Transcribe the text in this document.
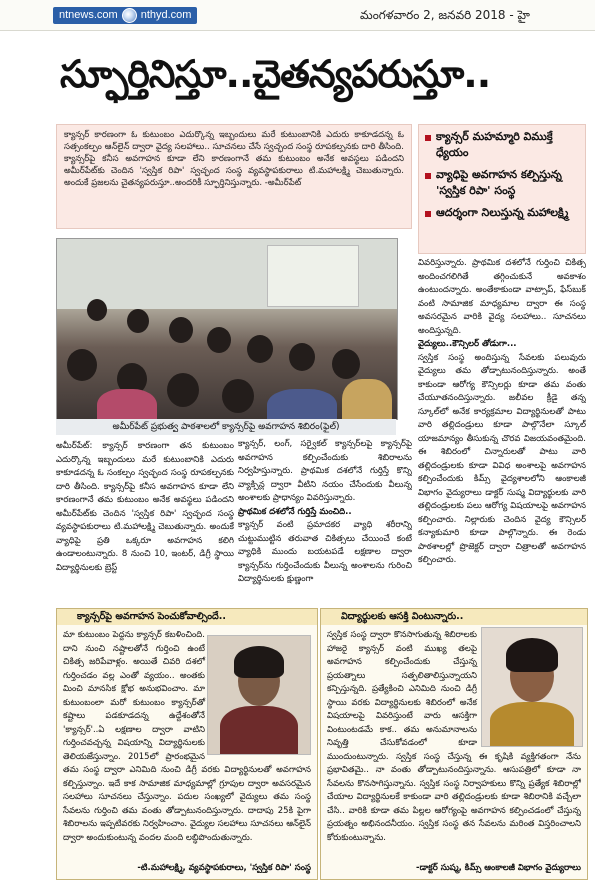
ntnews.com nthyd.com	మంగళవారం 2, జనవరి 2018 - హై
స్ఫూర్తినిస్తూ..చైతన్యపరుస్తూ..
క్యాన్సర్ కారణంగా ఓ కుటుంబం ఎదుర్కొన్న ఇబ్బందులు మరే కుటుంబానికి ఎదురు కాకూడదన్న ఓ సత్సంకల్పం ఆన్‌లైన్ ద్వారా వైద్య సలహాలు.. సూచనలు చేసే స్వచ్ఛంద సంస్థ రూపకల్పనకు దారి తీసింది. క్యాన్సర్‌పై కనీస అవగాహన కూడా లేని కారణంగానే తమ కుటుంబం అనేక అవస్థలు పడిందని అమీర్‌పేట్‌కు చెందిన 'స్వస్తిక రిపా' స్వచ్ఛంద సంస్థ వ్యవస్థాపకురాలు టి.మహాలక్ష్మి చెబుతున్నారు. అందుకే ప్రజలను చైతన్యపరుస్తూ..అందరికీ స్ఫూర్తినిస్తున్నారు. -అమీర్‌పేట్
క్యాన్సర్ మహమ్మారి విముక్తే ధ్యేయం
వ్యాధిపై అవగాహన కల్పిస్తున్న 'స్వస్తిక రిపా' సంస్థ
ఆదర్శంగా నిలుస్తున్న మహాలక్ష్మి
అమీర్‌పేట్ ప్రభుత్వ పాఠశాలలో క్యాన్సర్‌పై అవగాహన శిబిరం(ఫైల్)
అమీర్‌పేట్: క్యాన్సర్ కారణంగా తన కుటుంబం ఎదుర్కొన్న ఇబ్బందులు మరే కుటుంబానికి ఎదురు కాకూడదన్న ఓ సంకల్పం స్వచ్ఛంద సంస్థ రూపకల్పనకు దారి తీసింది. క్యాన్సర్‌పై కనీస అవగాహన కూడా లేని కారణంగానే తమ కుటుంబం అనేక అవస్థలు పడిందని అమీర్‌పేట్‌కు చెందిన 'స్వస్తిక రిపా' స్వచ్ఛంద సంస్థ వ్యవస్థాపకురాలు టి.మహాలక్ష్మి చెబుతున్నారు. అందుకే వ్యాధిపై ప్రతి ఒక్కరూ అవగాహన కలిగి ఉండాలంటున్నారు. 8 నుంచి 10, ఇంటర్, డిగ్రీ స్థాయి విద్యార్థినులకు బ్రెస్ట్
క్యాన్సర్, లంగ్, సర్వైకల్ క్యాన్సర్‌లపై క్యాన్సర్‌పై అవగాహన కల్పించేందుకు శిబిరాలను నిర్వహిస్తున్నారు. ప్రాథమిక దశలోనే గుర్తిస్తే కొన్ని వ్యాక్సిన్ల ద్వారా వీటిని నయం చేసేందుకు వీలున్న అంశాలకు ప్రాధాన్యం వివరిస్తున్నారు.
ప్రాథమిక దశలోనే గుర్తిస్తే మంచిది..
క్యాన్సర్ వంటి ప్రమాదకర వ్యాధి శరీరాన్ని చుట్టుముట్టిన తరువాత చికిత్సలు చేయించే కంటే వ్యాధికి ముందు బయటపడే లక్షణాల ద్వారా క్యాన్సర్‌ను గుర్తించేందుకు వీలున్న అంశాలను గురించి విద్యార్థినులకు క్షుణ్ణంగా
వివరిస్తున్నారు. ప్రాథమిక దశలోనే గుర్తించి చికిత్స అందించగలిగితే తగ్గించుకునే అవకాశం ఉంటుందన్నారు. అంతేకాకుండా వాట్సాప్, ఫేస్‌బుక్ వంటి సామాజిక మాధ్యమాల ద్వారా ఈ సంస్థ అవసరమైన వారికి వైద్య సలహాలు.. సూచనలు అందిస్తున్నది.
వైద్యులు..కౌన్సిలర్ తోడుగా...
స్వస్తిక సంస్థ అందిస్తున్న సేవలకు పలువురు వైద్యులు తమ తోడ్పాటునందిస్తున్నారు. అంతే కాకుండా ఆరోగ్య కౌన్సిలర్లు కూడా తమ వంతు చేయూతనందిస్తున్నారు. జలీవల క్రీడై తన్న స్కూల్‌లో అనేక కార్యక్రమాల విద్యార్థినులతో పాటు వారి తల్లిదండ్రులు కూడా పాల్గొనేలా స్కూల్ యాజమాన్యం తీసుకున్న చొరవ విజయవంతమైంది. ఈ శిబిరంలో చిన్నారులతో పాటు వారి తల్లిదండ్రులకు కూడా వివిధ అంశాలపై అవగాహన కల్పించేందుకు కిమ్స్ వైద్యశాలలోని ఆంకాలజీ విభాగం వైద్యురాలు డాక్టర్ సుష్మ విద్యార్థులకు వారి తల్లిదండ్రులకు పలు ఆరోగ్య విషయాలపై అవగాహన కల్పించారు. నిల్లారుకు చెందిన వైద్య కౌన్సిలర్ కన్యాకుమారి కూడా పాల్గొన్నారు. ఈ రెండు పాఠశాలల్లో ప్రొజెక్టర్ ద్వారా చిత్రాలతో అవగాహన కల్పించారు.
క్యాన్సర్‌పై అవగాహన పెంచుకోవాల్సిందే..
మా కుటుంబం పెద్దను క్యాన్సర్ కబళించింది. దాని నుంచి నష్టాలతోనే గుర్తించి ఉంటే చికిత్స జరిపేవాళ్లం. అయితే చివరి దశలో గుర్తించడం వల్ల ఎంతో వ్యయం.. అంతకు మించి మానసిక క్షోభ అనుభవించాం. మా కుటుంబంలా మరో కుటుంబం క్యాన్సర్‌తో కష్టాలు పడకూడదన్న ఉద్దేశంతోనే 'క్యాన్సర్'..ఏ లక్షణాల ద్వారా వాటిని గుర్తించవచ్చన్న విషయాన్ని విద్యార్థినులకు తెలియజేస్తున్నాం. 2015లో ప్రారంభమైన తమ సంస్థ ద్వారా ఎనిమిది నుంచి డిగ్రీ వరకు విద్యార్థినులతో అవగాహన కల్పిస్తున్నాం. ఇదే కాక సామాజిక మాధ్యమాల్లో గ్రూపుల ద్వారా అవసరమైన సలహాలు సూచనలు చేస్తున్నాం. పదుల సంఖ్యలో వైద్యులు తమ సంస్థ సేవలను గుర్తించి తమ వంతు తోడ్పాటునందిస్తున్నారు. దాదాపు 25కి పైగా శిబిరాలను ఇప్పటివరకు నిర్వహించాం. వైద్యుల సలహాలు సూచనలు ఆన్‌లైన్ ద్వారా అందుకుంటున్న వందల మంది లబ్ధిపొందుతున్నారు.
-టి.మహాలక్ష్మి, వ్యవస్థాపకురాలు, 'స్వస్తిక రిపా' సంస్థ
విద్యార్థులకు ఆసక్తి వింటున్నారు..
స్వస్తిక సంస్థ ద్వారా కొనసాగుతున్న శిబిరాలకు హాజరై క్యాన్సర్ వంటి ముఖ్య తలపై అవగాహన కల్పించేందుకు చేస్తున్న ప్రయత్నాలు సత్ఫలితాలిస్తున్నాయని కన్పిస్తున్నది. ప్రత్యేకించి ఎనిమిది నుంచి డిగ్రీ స్థాయి వరకు విద్యార్థినులకు శిబిరంలో అనేక విషయాలపై వివరిస్తుంటే వారు ఆసక్తిగా వింటుంటడమే కాక.. తమ అనుమానాలను నివృత్తి చేసుకోవడంలో కూడా ముందుంటున్నారు. స్వస్తిక సంస్థ చేస్తున్న ఈ కృషికి వ్యక్తిగతంగా నేను ప్రభావితమై.. నా వంతు తోడ్పాటునందిస్తున్నాను. ఆసుపత్రిలో కూడా నా సేవలను కొనసాగిస్తున్నాను. స్వస్తిక సంస్థ నిర్వాహకులు కొన్ని ప్రత్యేక శిబిరాల్లో చేయాల విద్యార్థినులకే కాకుండా వారి తల్లిదండ్రులకు కూడా శిబిరానికి వచ్చేలా చేసి.. వారికి కూడా తమ పిల్లల ఆరోగ్యంపై అవగాహన కల్పించడంలో చేస్తున్న ప్రయత్నం అభినందనీయం. స్వస్తిక సంస్థ తన సేవలను మరింత విస్తరించాలని కోరుకుంటున్నాను.
-డాక్టర్ సుష్మ, కిమ్స్ ఆంకాలజీ విభాగం వైద్యురాలు
